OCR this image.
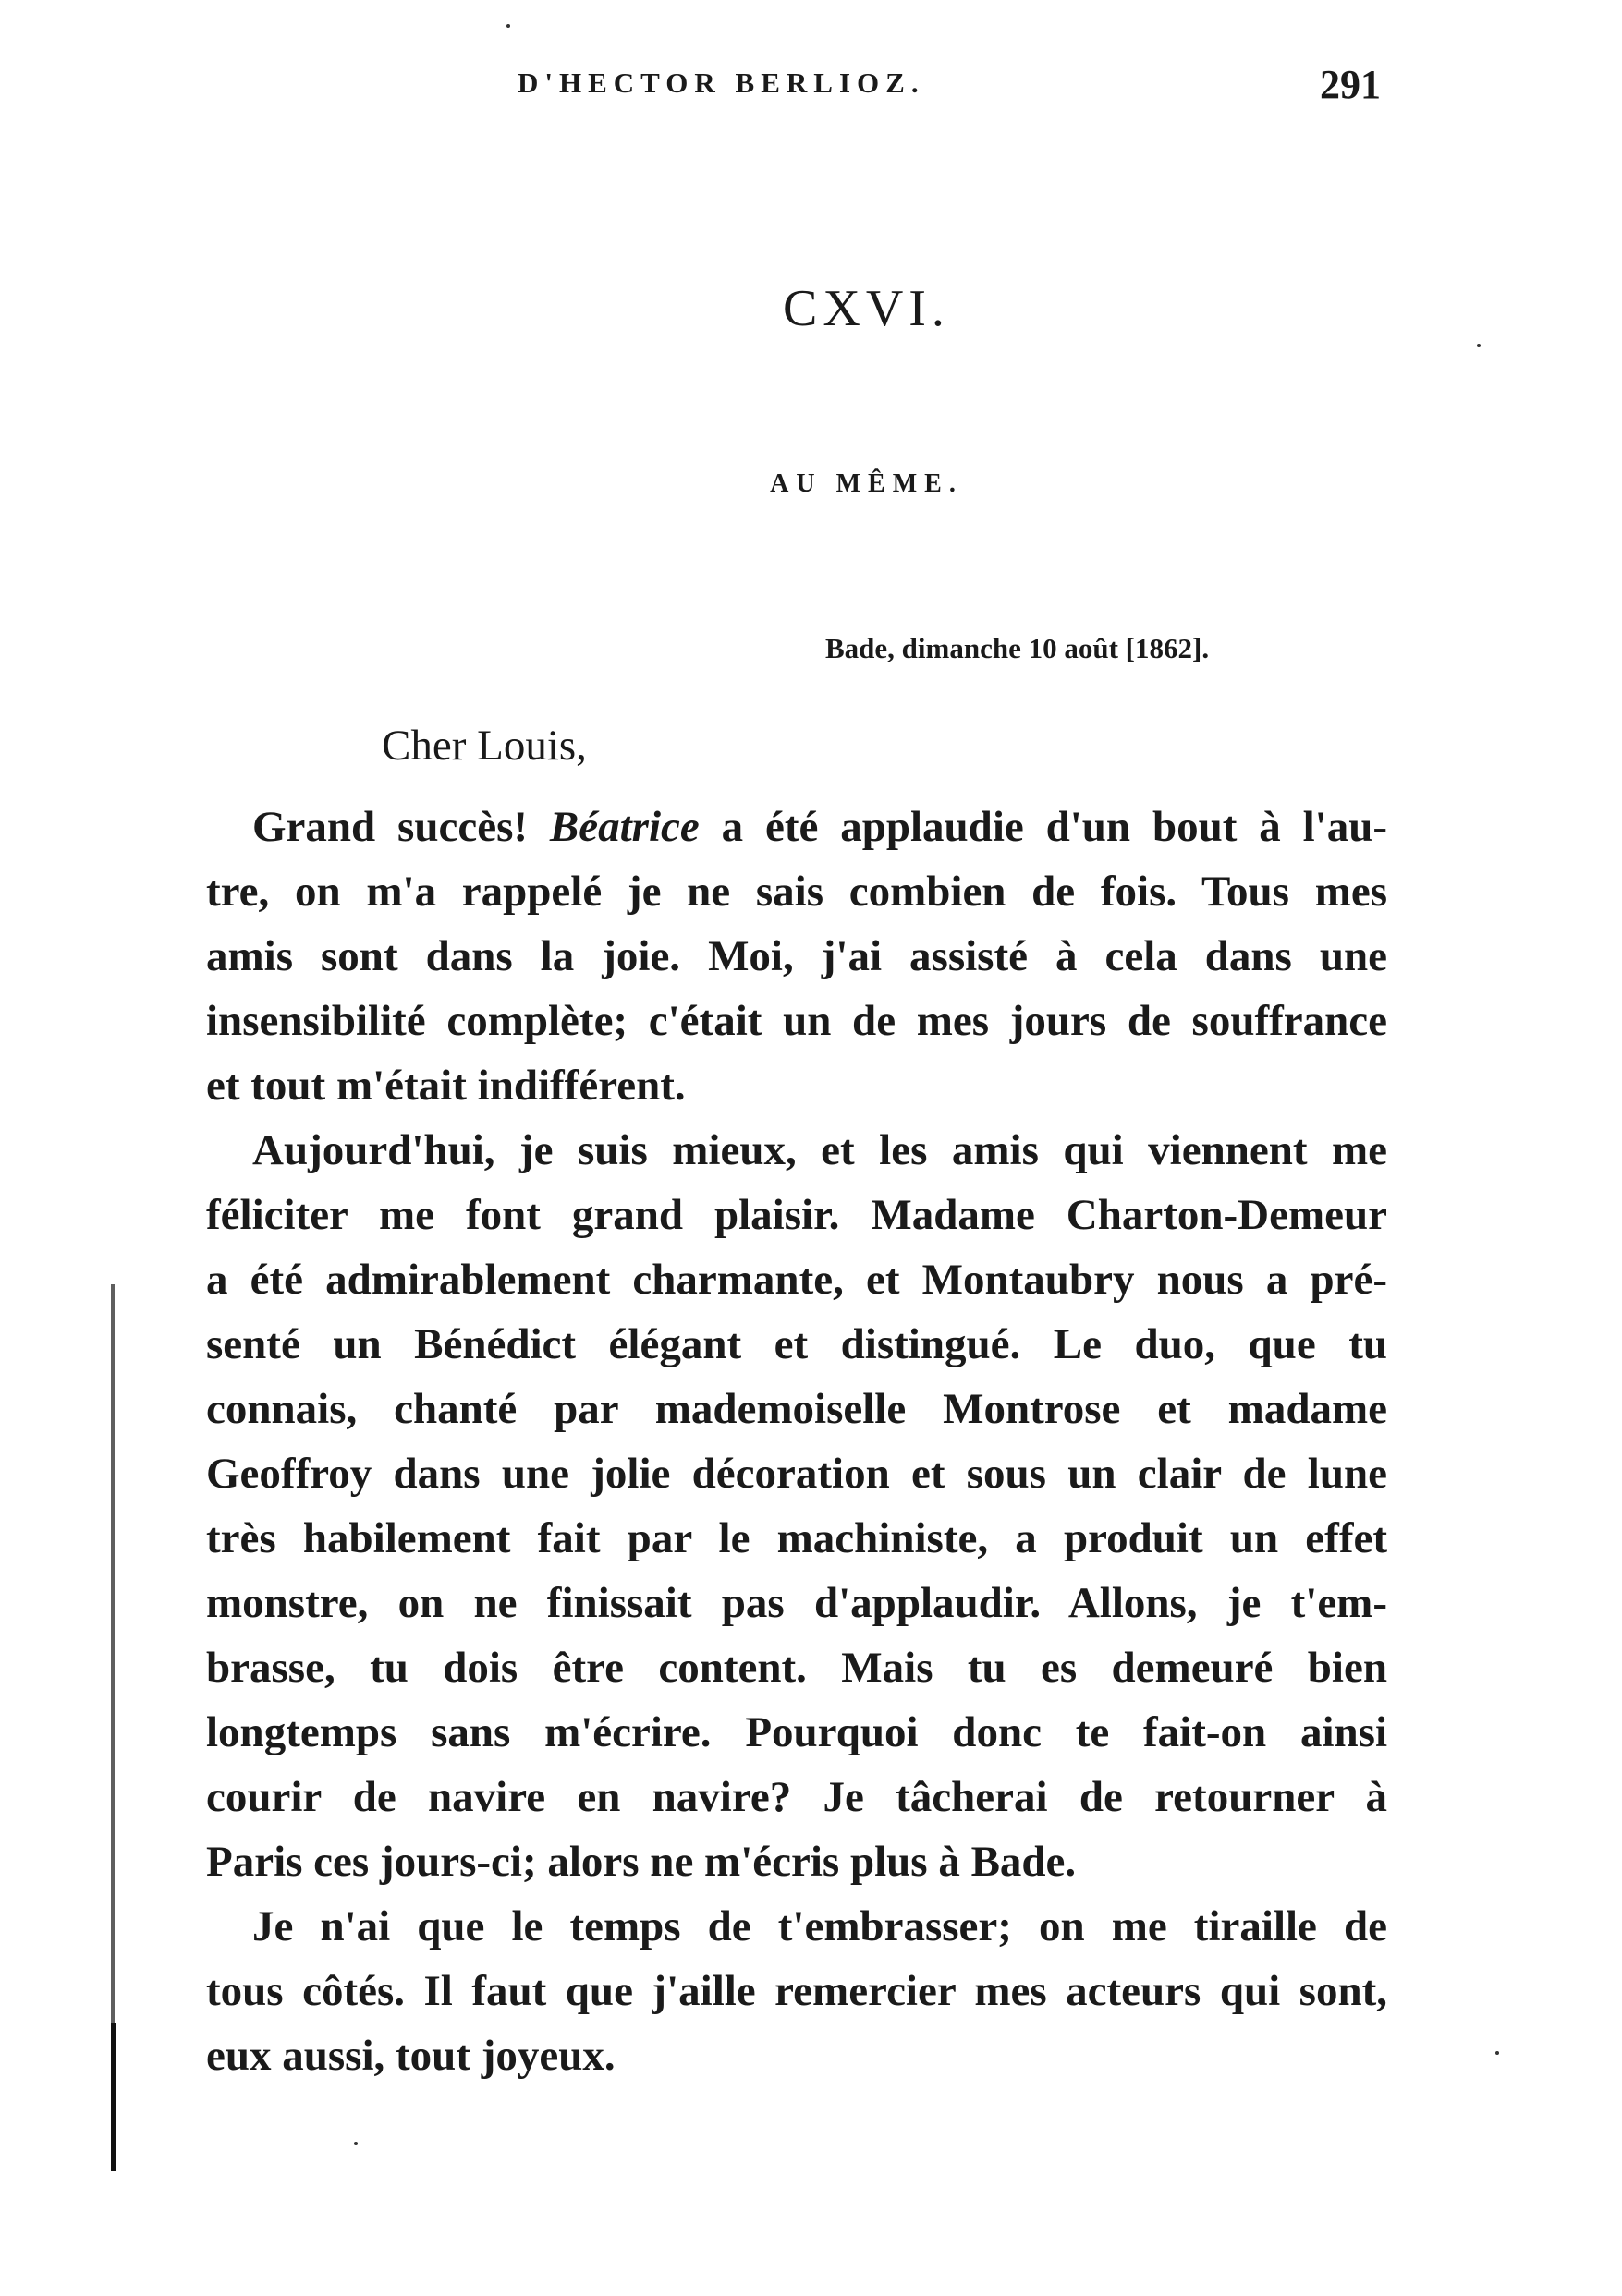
D'HECTOR BERLIOZ.	291
CXVI.
AU MÊME.
Bade, dimanche 10 août [1862].
Cher Louis,
Grand succès! Béatrice a été applaudie d'un bout à l'au-
tre, on m'a rappelé je ne sais combien de fois. Tous mes
amis sont dans la joie. Moi, j'ai assisté à cela dans une
insensibilité complète; c'était un de mes jours de souffrance
et tout m'était indifférent.
Aujourd'hui, je suis mieux, et les amis qui viennent me
féliciter me font grand plaisir. Madame Charton-Demeur
a été admirablement charmante, et Montaubry nous a pré-
senté un Bénédict élégant et distingué. Le duo, que tu
connais, chanté par mademoiselle Montrose et madame
Geoffroy dans une jolie décoration et sous un clair de lune
très habilement fait par le machiniste, a produit un effet
monstre, on ne finissait pas d'applaudir. Allons, je t'em-
brasse, tu dois être content. Mais tu es demeuré bien
longtemps sans m'écrire. Pourquoi donc te fait-on ainsi
courir de navire en navire? Je tâcherai de retourner à
Paris ces jours-ci; alors ne m'écris plus à Bade.
Je n'ai que le temps de t'embrasser; on me tiraille de
tous côtés. Il faut que j'aille remercier mes acteurs qui sont,
eux aussi, tout joyeux.
